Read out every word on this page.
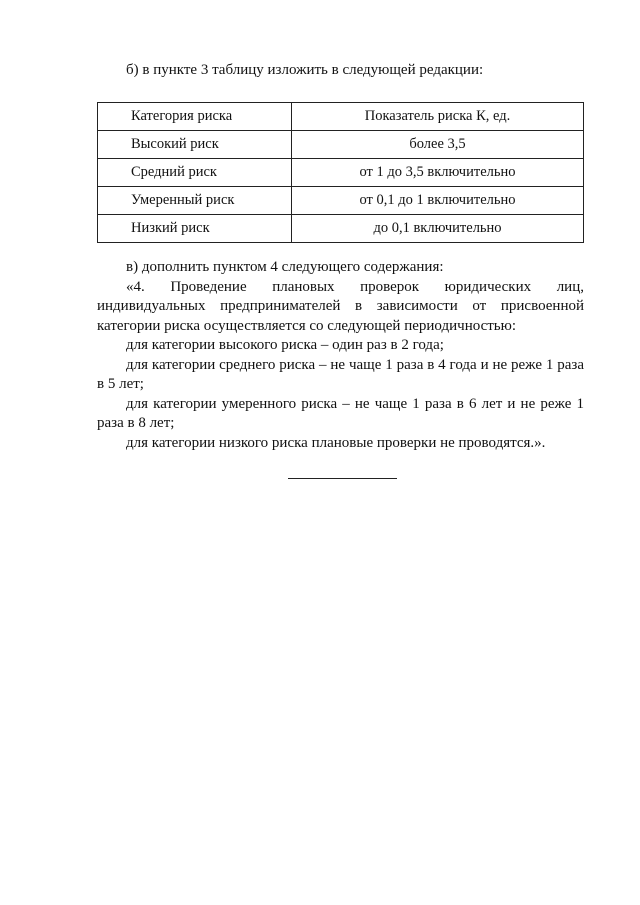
б) в пункте 3 таблицу изложить в следующей редакции:
Категория риска	Показатель риска К, ед.
Высокий риск	более 3,5
Средний риск	от 1 до 3,5 включительно
Умеренный риск	от 0,1 до 1 включительно
Низкий риск	до 0,1 включительно
в) дополнить пунктом 4 следующего содержания:
«4. Проведение плановых проверок юридических лиц, индивидуальных предпринимателей в зависимости от присвоенной категории риска осуществляется со следующей периодичностью:
для категории высокого риска – один раз в 2 года;
для категории среднего риска – не чаще 1 раза в 4 года и не реже 1 раза в 5 лет;
для категории умеренного риска – не чаще 1 раза в 6 лет и не реже 1 раза в 8 лет;
для категории низкого риска плановые проверки не проводятся.».
